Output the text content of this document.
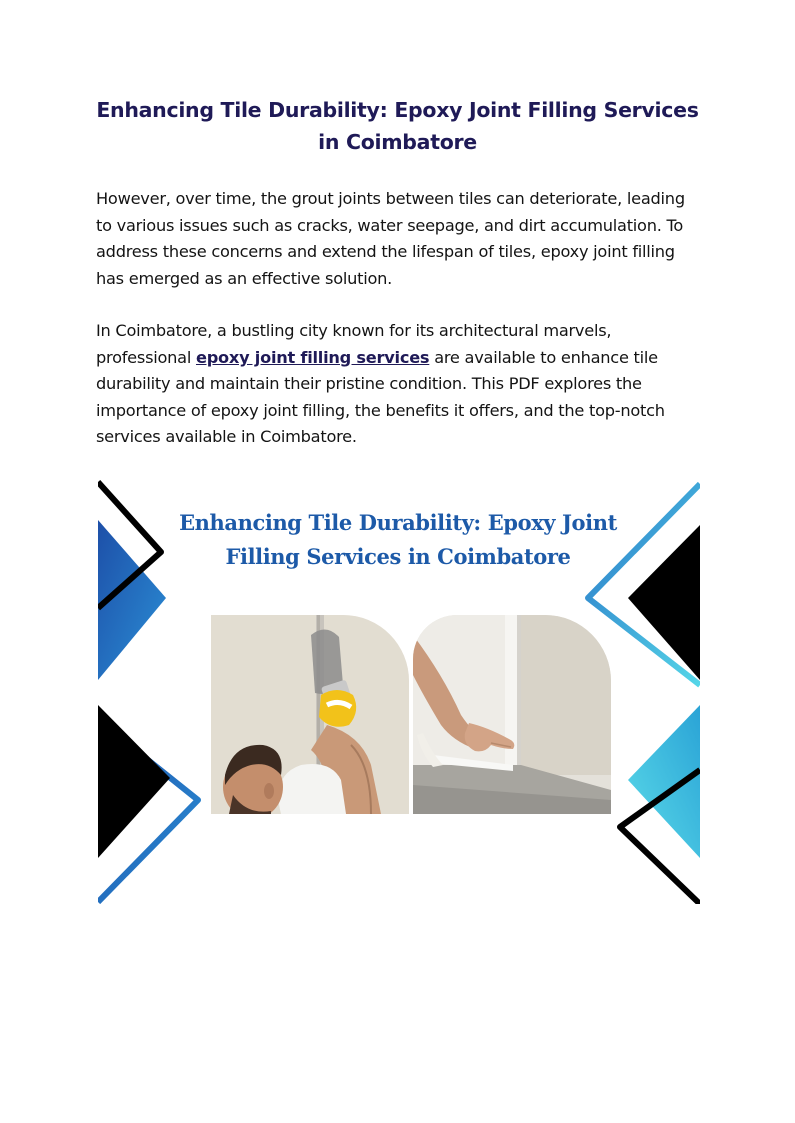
Enhancing Tile Durability: Epoxy Joint Filling Services in Coimbatore

However, over time, the grout joints between tiles can deteriorate, leading to various issues such as cracks, water seepage, and dirt accumulation. To address these concerns and extend the lifespan of tiles, epoxy joint filling has emerged as an effective solution.

In Coimbatore, a bustling city known for its architectural marvels, professional epoxy joint filling services are available to enhance tile durability and maintain their pristine condition. This PDF explores the importance of epoxy joint filling, the benefits it offers, and the top-notch services available in Coimbatore.

Enhancing Tile Durability: Epoxy Joint Filling Services in Coimbatore
